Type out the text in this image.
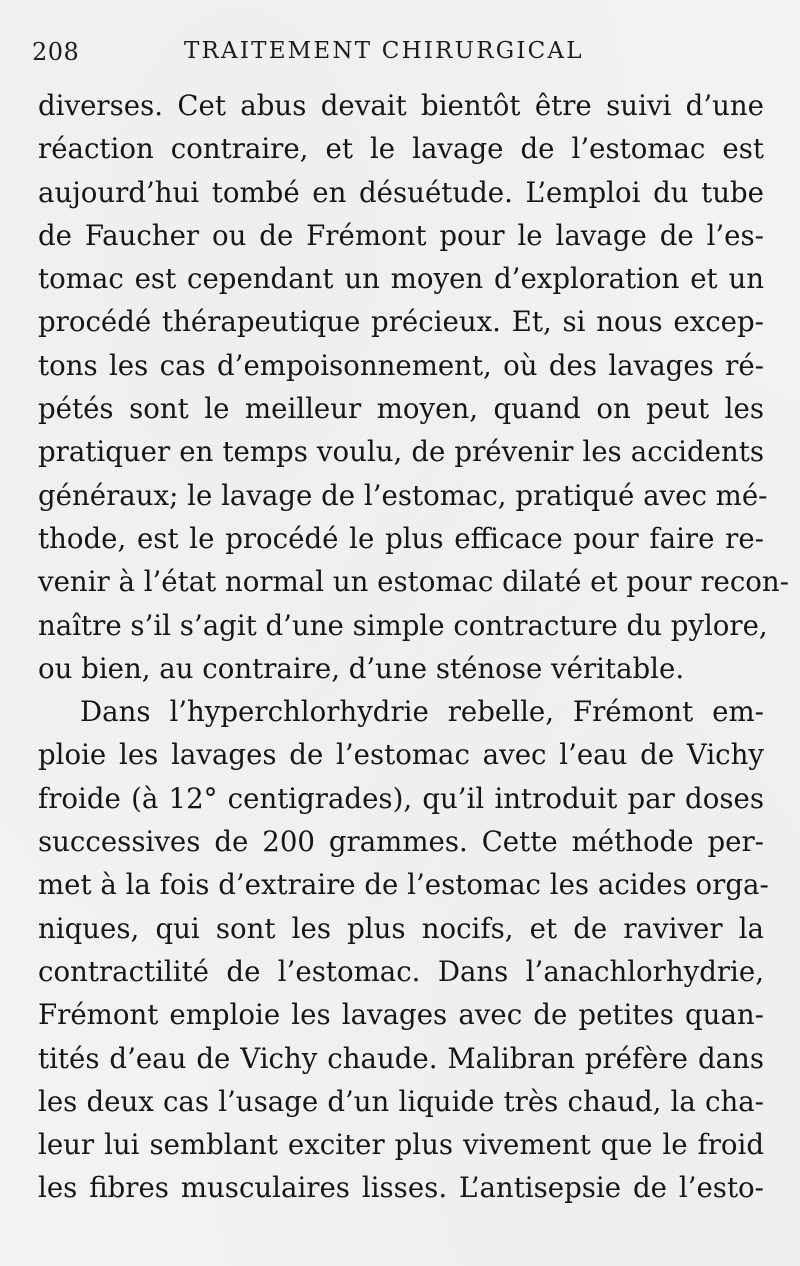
208	TRAITEMENT CHIRURGICAL
diverses. Cet abus devait bientôt être suivi d’une
réaction contraire, et le lavage de l’estomac est
aujourd’hui tombé en désuétude. L’emploi du tube
de Faucher ou de Frémont pour le lavage de l’es-
tomac est cependant un moyen d’exploration et un
procédé thérapeutique précieux. Et, si nous excep-
tons les cas d’empoisonnement, où des lavages ré-
pétés sont le meilleur moyen, quand on peut les
pratiquer en temps voulu, de prévenir les accidents
généraux; le lavage de l’estomac, pratiqué avec mé-
thode, est le procédé le plus efficace pour faire re-
venir à l’état normal un estomac dilaté et pour recon-
naître s’il s’agit d’une simple contracture du pylore,
ou bien, au contraire, d’une sténose véritable.
Dans l’hyperchlorhydrie rebelle, Frémont em-
ploie les lavages de l’estomac avec l’eau de Vichy
froide (à 12° centigrades), qu’il introduit par doses
successives de 200 grammes. Cette méthode per-
met à la fois d’extraire de l’estomac les acides orga-
niques, qui sont les plus nocifs, et de raviver la
contractilité de l’estomac. Dans l’anachlorhydrie,
Frémont emploie les lavages avec de petites quan-
tités d’eau de Vichy chaude. Malibran préfère dans
les deux cas l’usage d’un liquide très chaud, la cha-
leur lui semblant exciter plus vivement que le froid
les fibres musculaires lisses. L’antisepsie de l’esto-
